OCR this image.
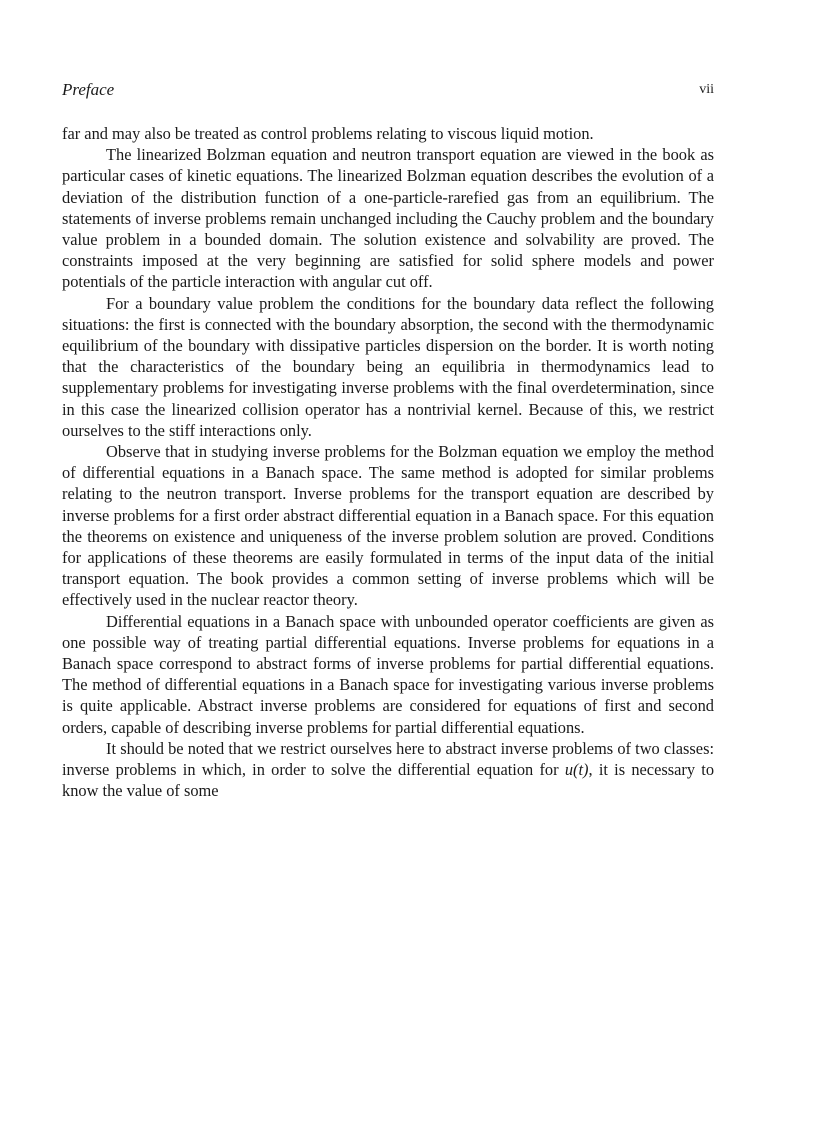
Preface	vii

far and may also be treated as control problems relating to viscous liquid motion.

The linearized Bolzman equation and neutron transport equation are viewed in the book as particular cases of kinetic equations. The linearized Bolzman equation describes the evolution of a deviation of the distribution function of a one-particle-rarefied gas from an equilibrium. The statements of inverse problems remain unchanged including the Cauchy problem and the boundary value problem in a bounded domain. The solution existence and solvability are proved. The constraints imposed at the very beginning are satisfied for solid sphere models and power potentials of the particle interaction with angular cut off.

For a boundary value problem the conditions for the boundary data reflect the following situations: the first is connected with the boundary absorption, the second with the thermodynamic equilibrium of the boundary with dissipative particles dispersion on the border. It is worth noting that the characteristics of the boundary being an equilibria in thermodynamics lead to supplementary problems for investigating inverse problems with the final overdetermination, since in this case the linearized collision operator has a nontrivial kernel. Because of this, we restrict ourselves to the stiff interactions only.

Observe that in studying inverse problems for the Bolzman equation we employ the method of differential equations in a Banach space. The same method is adopted for similar problems relating to the neutron transport. Inverse problems for the transport equation are described by inverse problems for a first order abstract differential equation in a Banach space. For this equation the theorems on existence and uniqueness of the inverse problem solution are proved. Conditions for applications of these theorems are easily formulated in terms of the input data of the initial transport equation. The book provides a common setting of inverse problems which will be effectively used in the nuclear reactor theory.

Differential equations in a Banach space with unbounded operator coefficients are given as one possible way of treating partial differential equations. Inverse problems for equations in a Banach space correspond to abstract forms of inverse problems for partial differential equations. The method of differential equations in a Banach space for investigating various inverse problems is quite applicable. Abstract inverse problems are considered for equations of first and second orders, capable of describing inverse problems for partial differential equations.

It should be noted that we restrict ourselves here to abstract inverse problems of two classes: inverse problems in which, in order to solve the differential equation for u(t), it is necessary to know the value of some
